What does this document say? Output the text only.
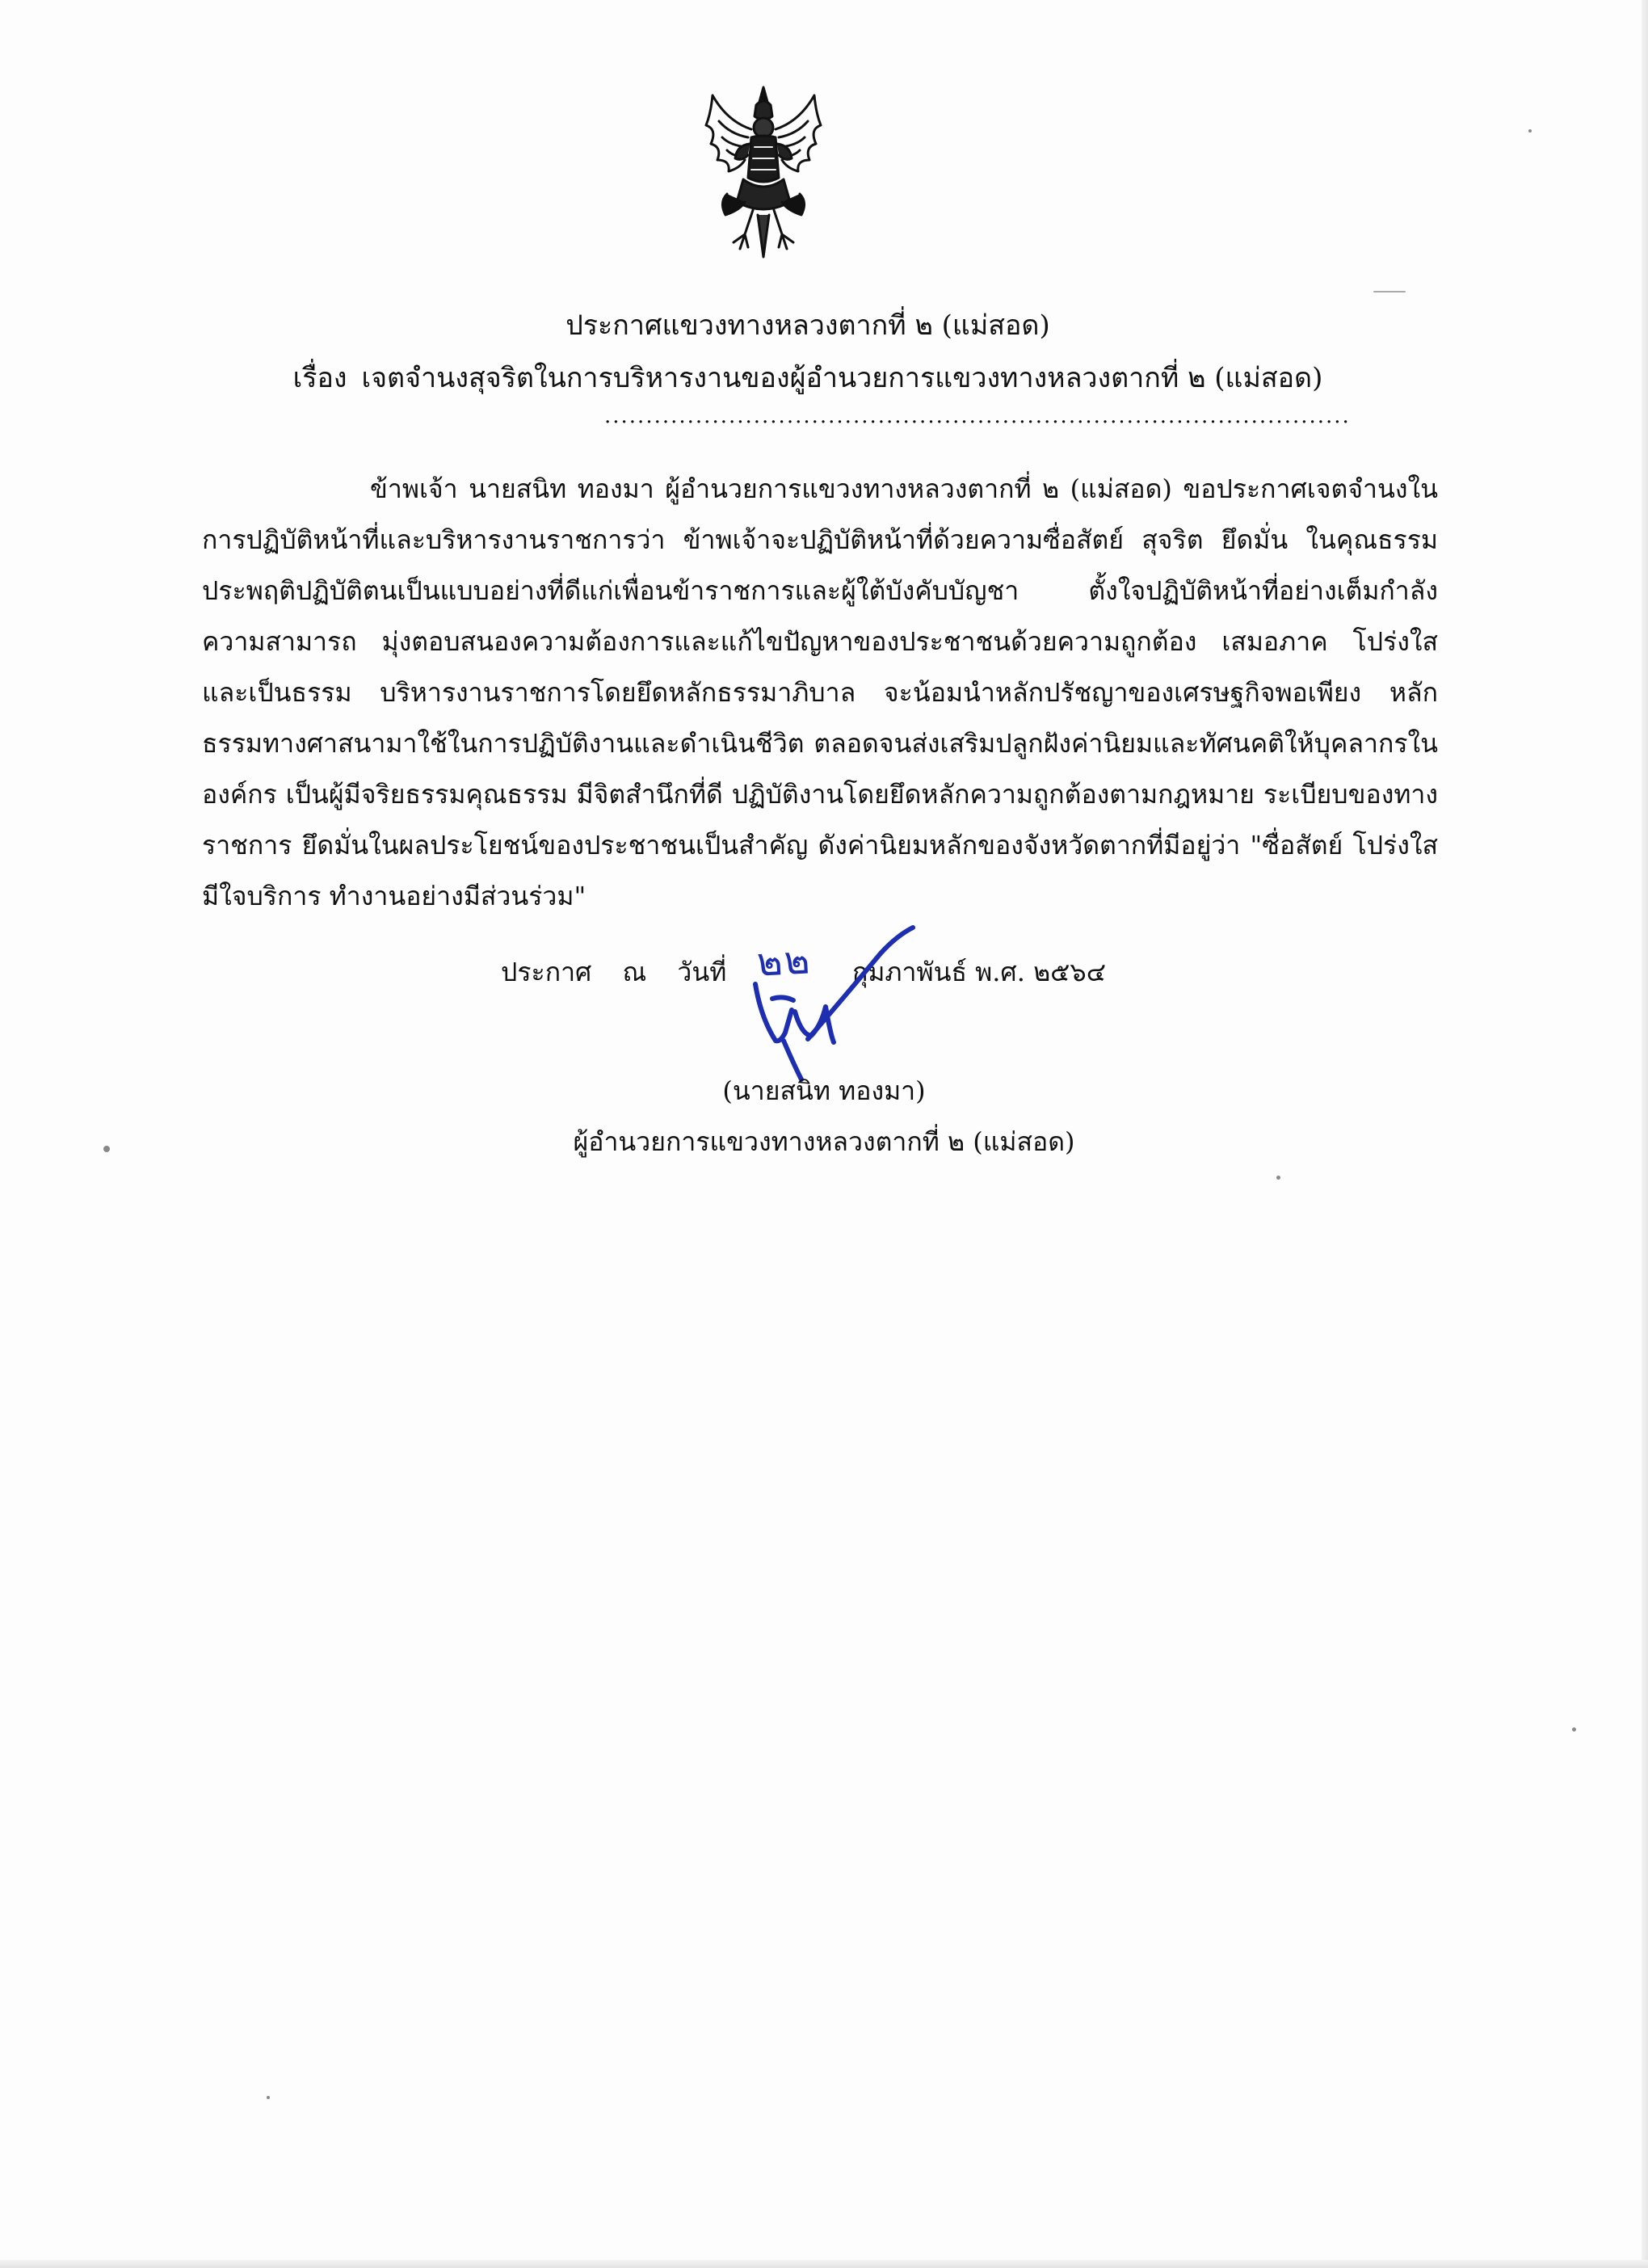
ประกาศแขวงทางหลวงตากที่ ๒ (แม่สอด)
เรื่อง เจตจำนงสุจริตในการบริหารงานของผู้อำนวยการแขวงทางหลวงตากที่ ๒ (แม่สอด)
..........................................................................................

ข้าพเจ้า นายสนิท ทองมา ผู้อำนวยการแขวงทางหลวงตากที่ ๒ (แม่สอด) ขอประกาศเจตจำนงในการปฏิบัติหน้าที่และบริหารงานราชการว่า ข้าพเจ้าจะปฏิบัติหน้าที่ด้วยความซื่อสัตย์ สุจริต ยึดมั่น ในคุณธรรมประพฤติปฏิบัติตนเป็นแบบอย่างที่ดีแก่เพื่อนข้าราชการและผู้ใต้บังคับบัญชา ตั้งใจปฏิบัติหน้าที่อย่างเต็มกำลังความสามารถ มุ่งตอบสนองความต้องการและแก้ไขปัญหาของประชาชนด้วยความถูกต้อง เสมอภาค โปร่งใส และเป็นธรรม บริหารงานราชการโดยยึดหลักธรรมาภิบาล จะน้อมนำหลักปรัชญาของเศรษฐกิจพอเพียง หลักธรรมทางศาสนามาใช้ในการปฏิบัติงานและดำเนินชีวิต ตลอดจนส่งเสริมปลูกฝังค่านิยมและทัศนคติให้บุคลากรในองค์กร เป็นผู้มีจริยธรรมคุณธรรม มีจิตสำนึกที่ดี ปฏิบัติงานโดยยึดหลักความถูกต้องตามกฎหมาย ระเบียบของทางราชการ ยึดมั่นในผลประโยชน์ของประชาชนเป็นสำคัญ ดังค่านิยมหลักของจังหวัดตากที่มีอยู่ว่า "ซื่อสัตย์ โปร่งใส มีใจบริการ ทำงานอย่างมีส่วนร่วม"

ประกาศ ณ วันที่ ๒๒ กุมภาพันธ์ พ.ศ. ๒๕๖๔
(นายสนิท ทองมา)
ผู้อำนวยการแขวงทางหลวงตากที่ ๒ (แม่สอด)
